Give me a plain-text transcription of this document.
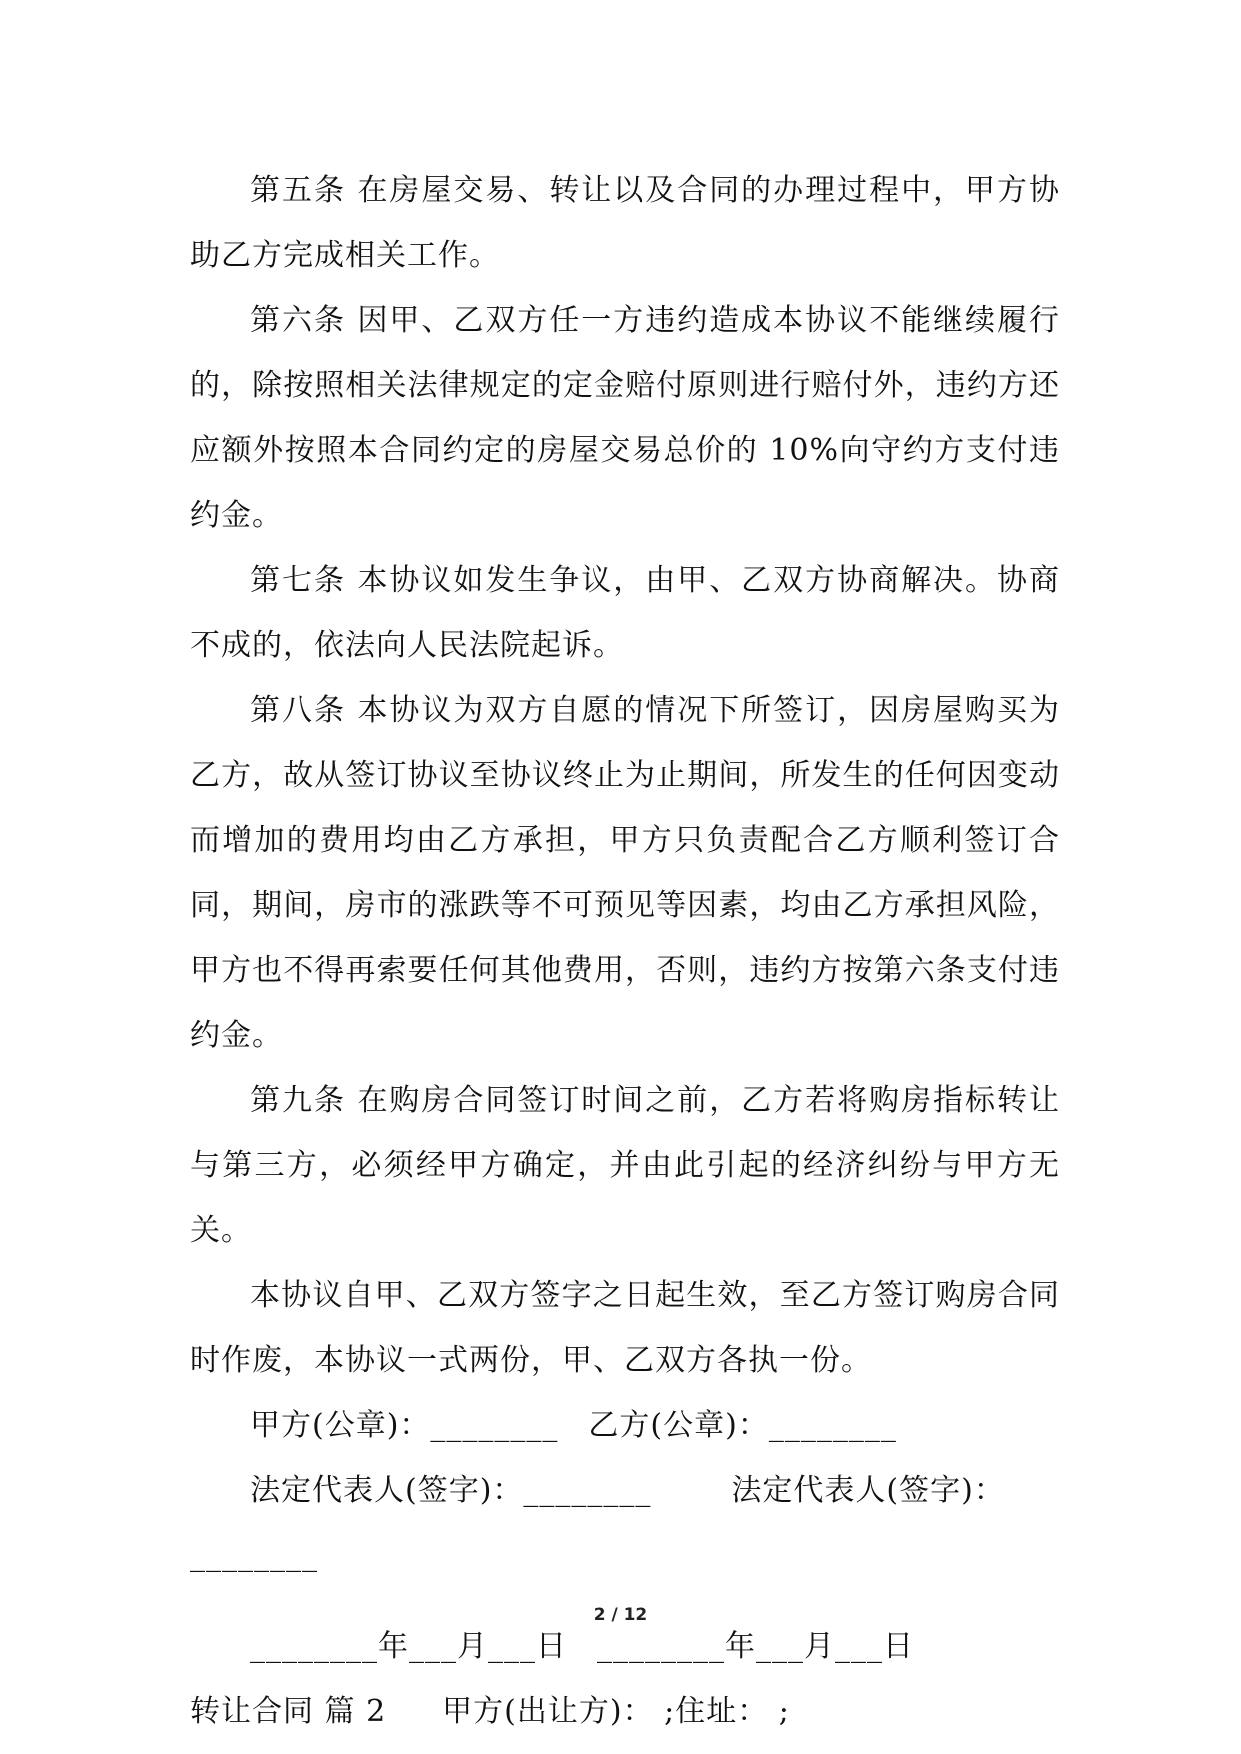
第五条 在房屋交易、转让以及合同的办理过程中，甲方协助乙方完成相关工作。

第六条 因甲、乙双方任一方违约造成本协议不能继续履行的，除按照相关法律规定的定金赔付原则进行赔付外，违约方还应额外按照本合同约定的房屋交易总价的 10%向守约方支付违约金。

第七条 本协议如发生争议，由甲、乙双方协商解决。协商不成的，依法向人民法院起诉。

第八条 本协议为双方自愿的情况下所签订，因房屋购买为乙方，故从签订协议至协议终止为止期间，所发生的任何因变动而增加的费用均由乙方承担，甲方只负责配合乙方顺利签订合同，期间，房市的涨跌等不可预见等因素，均由乙方承担风险，甲方也不得再索要任何其他费用，否则，违约方按第六条支付违约金。

第九条 在购房合同签订时间之前，乙方若将购房指标转让与第三方，必须经甲方确定，并由此引起的经济纠纷与甲方无关。

本协议自甲、乙双方签字之日起生效，至乙方签订购房合同时作废，本协议一式两份，甲、乙双方各执一份。

甲方(公章)：________ 乙方(公章)：________

法定代表人(签字)：________	法定代表人(签字)：

________

________年___月___日 ________年___月___日

转让合同 篇 2 甲方(出让方)： ;住址： ;

2 / 12
